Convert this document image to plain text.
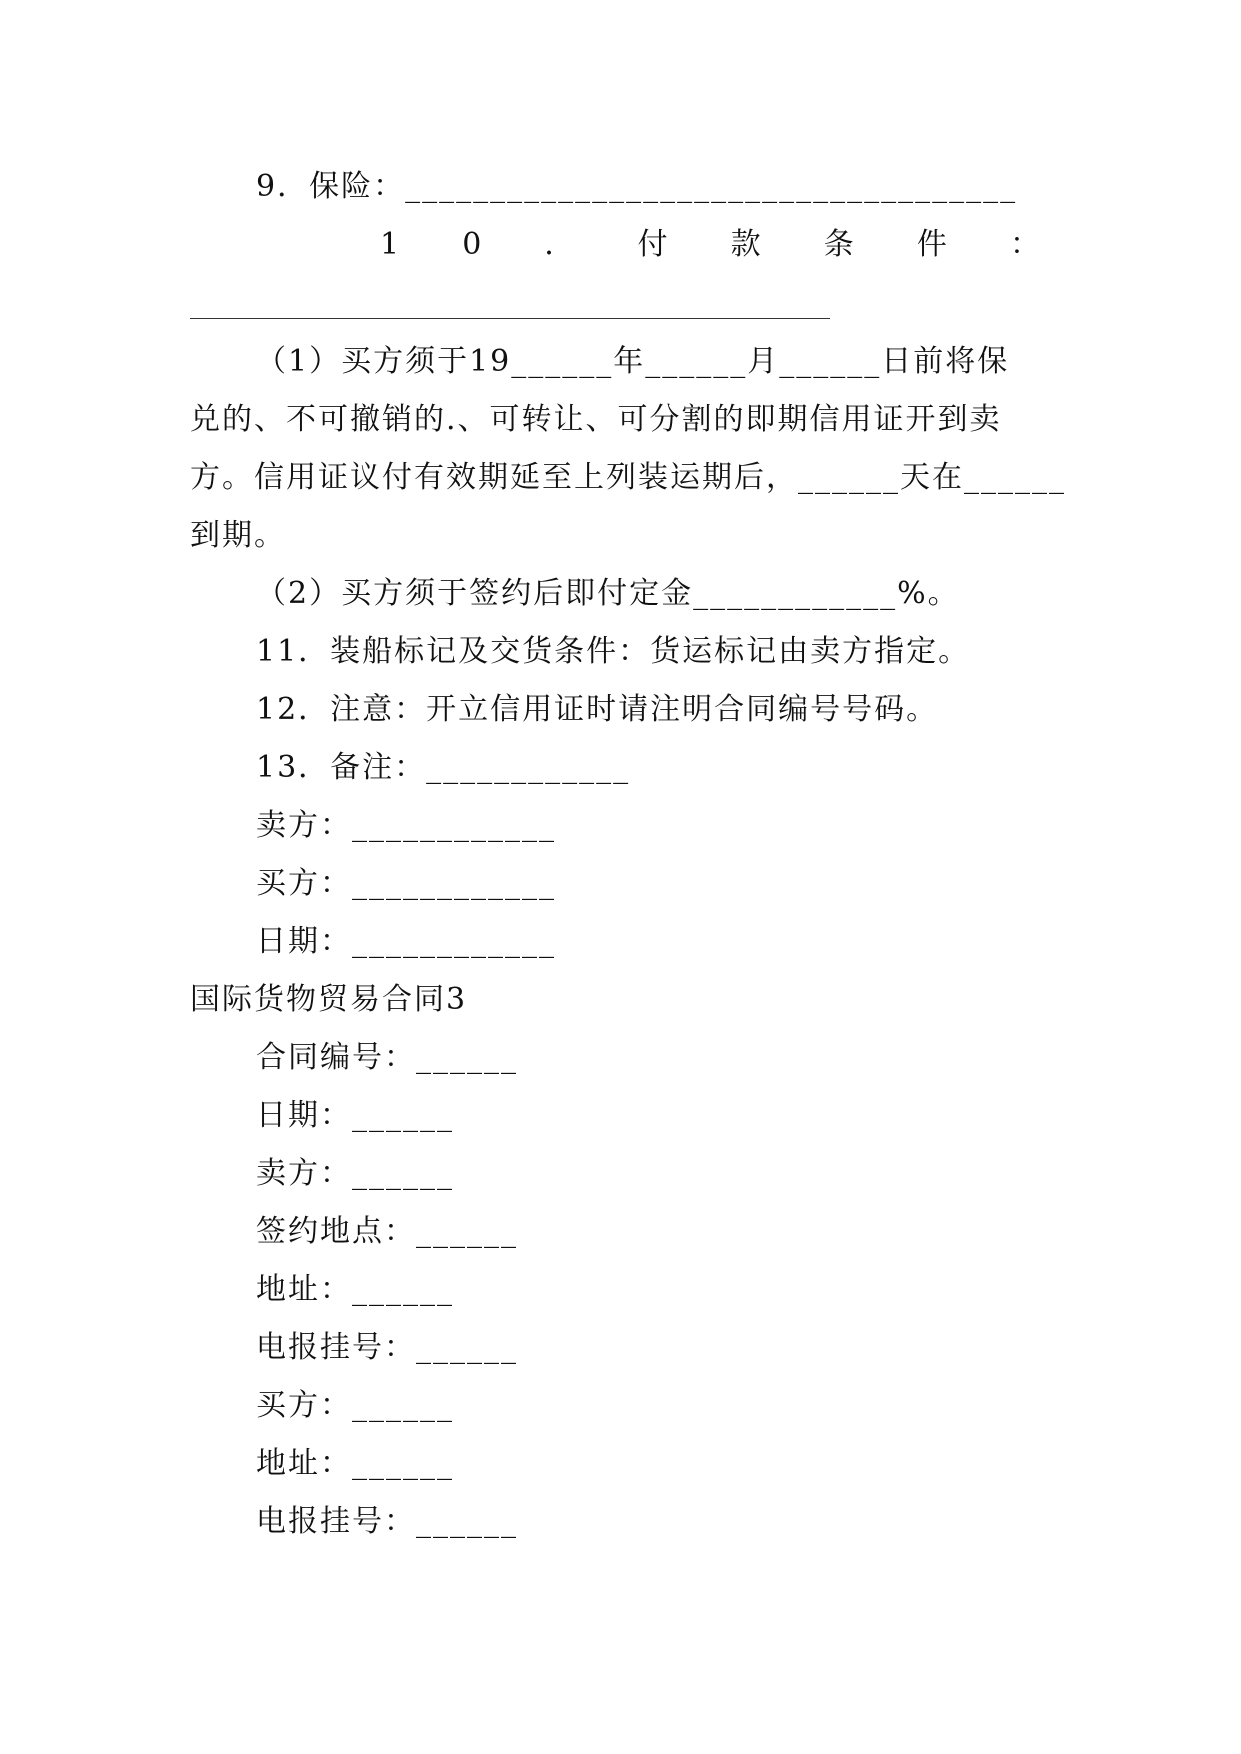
9．保险：____________________________________
1 0 ． 付 款 条 件 ：
（1）买方须于19______年______月______日前将保
兑的、不可撤销的.、可转让、可分割的即期信用证开到卖
方。信用证议付有效期延至上列装运期后，______天在______
到期。
（2）买方须于签约后即付定金____________%。
11．装船标记及交货条件：货运标记由卖方指定。
12．注意：开立信用证时请注明合同编号号码。
13．备注：____________
卖方：____________
买方：____________
日期：____________
国际货物贸易合同3
合同编号：______
日期：______
卖方：______
签约地点：______
地址：______
电报挂号：______
买方：______
地址：______
电报挂号：______
